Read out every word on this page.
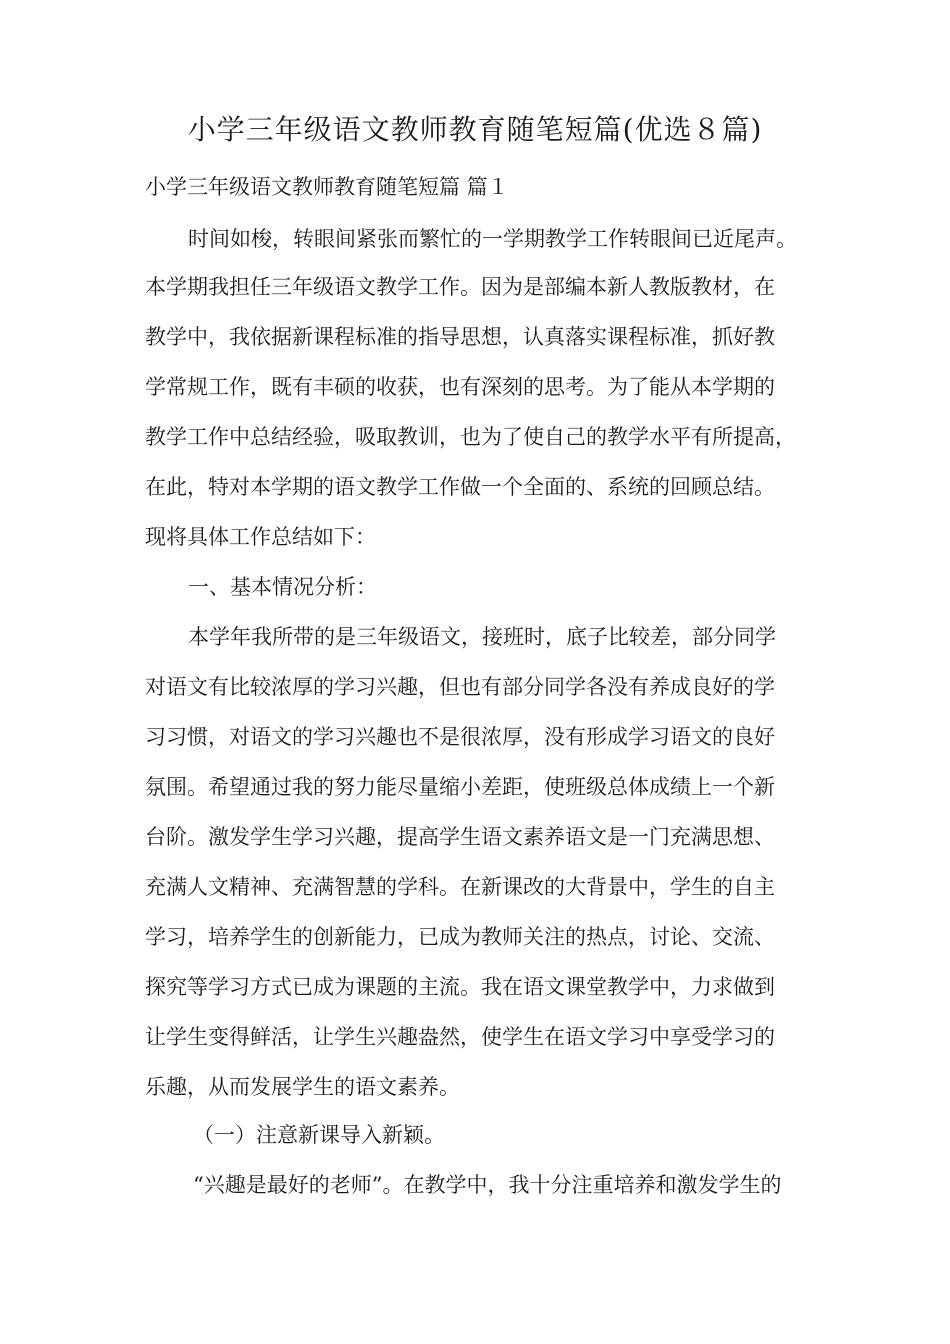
小学三年级语文教师教育随笔短篇(优选８篇)
小学三年级语文教师教育随笔短篇 篇１
时间如梭，转眼间紧张而繁忙的一学期教学工作转眼间已近尾声。
本学期我担任三年级语文教学工作。因为是部编本新人教版教材，在
教学中，我依据新课程标准的指导思想，认真落实课程标准，抓好教
学常规工作，既有丰硕的收获，也有深刻的思考。为了能从本学期的
教学工作中总结经验，吸取教训，也为了使自己的教学水平有所提高，
在此，特对本学期的语文教学工作做一个全面的、系统的回顾总结。
现将具体工作总结如下：
一、基本情况分析：
本学年我所带的是三年级语文，接班时，底子比较差，部分同学
对语文有比较浓厚的学习兴趣，但也有部分同学各没有养成良好的学
习习惯，对语文的学习兴趣也不是很浓厚，没有形成学习语文的良好
氛围。希望通过我的努力能尽量缩小差距，使班级总体成绩上一个新
台阶。激发学生学习兴趣，提高学生语文素养语文是一门充满思想、
充满人文精神、充满智慧的学科。在新课改的大背景中，学生的自主
学习，培养学生的创新能力，已成为教师关注的热点，讨论、交流、
探究等学习方式已成为课题的主流。我在语文课堂教学中，力求做到
让学生变得鲜活，让学生兴趣盎然，使学生在语文学习中享受学习的
乐趣，从而发展学生的语文素养。
（一）注意新课导入新颖。
“兴趣是最好的老师”。在教学中，我十分注重培养和激发学生的
